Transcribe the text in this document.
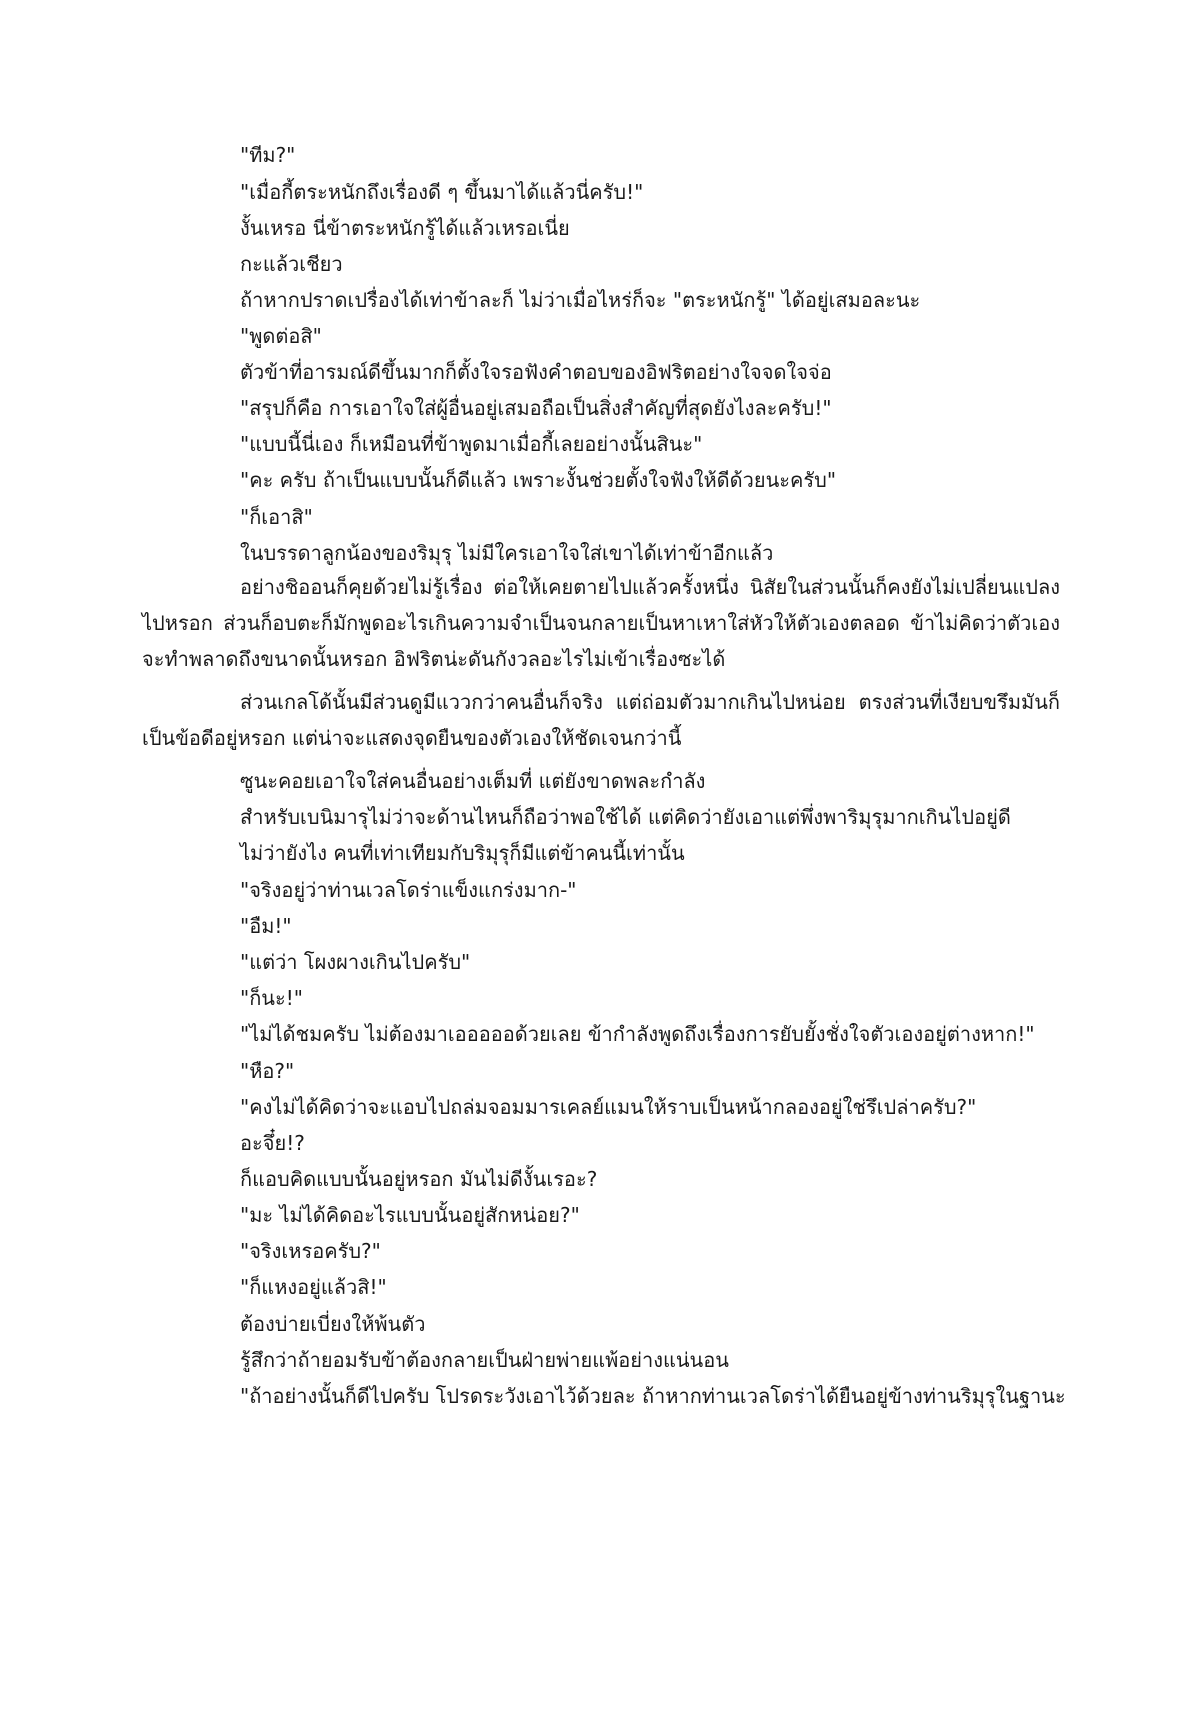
"ทีม?"

"เมื่อกี้ตระหนักถึงเรื่องดี ๆ ขึ้นมาได้แล้วนี่ครับ!"

งั้นเหรอ นี่ข้าตระหนักรู้ได้แล้วเหรอเนี่ย

กะแล้วเชียว

ถ้าหากปราดเปรื่องได้เท่าข้าละก็ ไม่ว่าเมื่อไหร่ก็จะ "ตระหนักรู้" ได้อยู่เสมอละนะ

"พูดต่อสิ"

ตัวข้าที่อารมณ์ดีขึ้นมากก็ตั้งใจรอฟังคำตอบของอิฟริตอย่างใจจดใจจ่อ

"สรุปก็คือ การเอาใจใส่ผู้อื่นอยู่เสมอถือเป็นสิ่งสำคัญที่สุดยังไงละครับ!"

"แบบนี้นี่เอง ก็เหมือนที่ข้าพูดมาเมื่อกี้เลยอย่างนั้นสินะ"

"คะ ครับ ถ้าเป็นแบบนั้นก็ดีแล้ว เพราะงั้นช่วยตั้งใจฟังให้ดีด้วยนะครับ"

"ก็เอาสิ"

ในบรรดาลูกน้องของริมุรุ ไม่มีใครเอาใจใส่เขาได้เท่าข้าอีกแล้ว

อย่างชิออนก็คุยด้วยไม่รู้เรื่อง ต่อให้เคยตายไปแล้วครั้งหนึ่ง นิสัยในส่วนนั้นก็คงยังไม่เปลี่ยนแปลงไปหรอก ส่วนก็อบตะก็มักพูดอะไรเกินความจำเป็นจนกลายเป็นหาเหาใส่หัวให้ตัวเองตลอด ข้าไม่คิดว่าตัวเองจะทำพลาดถึงขนาดนั้นหรอก อิฟริตน่ะดันกังวลอะไรไม่เข้าเรื่องซะได้

ส่วนเกลโด้นั้นมีส่วนดูมีแววกว่าคนอื่นก็จริง แต่ถ่อมตัวมากเกินไปหน่อย ตรงส่วนที่เงียบขรึมมันก็เป็นข้อดีอยู่หรอก แต่น่าจะแสดงจุดยืนของตัวเองให้ชัดเจนกว่านี้

ซูนะคอยเอาใจใส่คนอื่นอย่างเต็มที่ แต่ยังขาดพละกำลัง

สำหรับเบนิมารุไม่ว่าจะด้านไหนก็ถือว่าพอใช้ได้ แต่คิดว่ายังเอาแต่พึ่งพาริมุรุมากเกินไปอยู่ดี

ไม่ว่ายังไง คนที่เท่าเทียมกับริมุรุก็มีแต่ข้าคนนี้เท่านั้น

"จริงอยู่ว่าท่านเวลโดร่าแข็งแกร่งมาก-"

"อืม!"

"แต่ว่า โผงผางเกินไปครับ"

"ก็นะ!"

"ไม่ได้ชมครับ ไม่ต้องมาเอออออด้วยเลย ข้ากำลังพูดถึงเรื่องการยับยั้งชั่งใจตัวเองอยู่ต่างหาก!"

"หือ?"

"คงไม่ได้คิดว่าจะแอบไปถล่มจอมมารเคลย์แมนให้ราบเป็นหน้ากลองอยู่ใช่รึเปล่าครับ?"

อะจึ๋ย!?

ก็แอบคิดแบบนั้นอยู่หรอก มันไม่ดีงั้นเรอะ?

"มะ ไม่ได้คิดอะไรแบบนั้นอยู่สักหน่อย?"

"จริงเหรอครับ?"

"ก็แหงอยู่แล้วสิ!"

ต้องบ่ายเบี่ยงให้พ้นตัว

รู้สึกว่าถ้ายอมรับข้าต้องกลายเป็นฝ่ายพ่ายแพ้อย่างแน่นอน

"ถ้าอย่างนั้นก็ดีไปครับ โปรดระวังเอาไว้ด้วยละ ถ้าหากท่านเวลโดร่าได้ยืนอยู่ข้างท่านริมุรุในฐานะ
